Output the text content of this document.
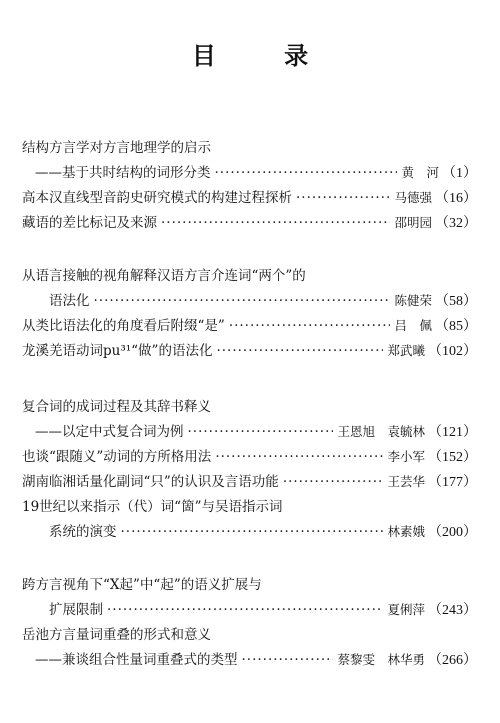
目 录
结构方言学对方言地理学的启示
——基于共时结构的词形分类 ·····	黄　河 （1）
高本汉直线型音韵史研究模式的构建过程探析 ·····	马德强 （16）
藏语的差比标记及来源 ·····	邵明园 （32）
从语言接触的视角解释汉语方言介连词“两个”的
语法化 ·····	陈健荣 （58）
从类比语法化的角度看后附缀“是” ·····	吕　佩 （85）
龙溪羌语动词pu³¹“做”的语法化 ·····	郑武曦 （102）
复合词的成词过程及其辞书释义
——以定中式复合词为例 ·····	王恩旭　袁毓林 （121）
也谈“跟随义”动词的方所格用法 ·····	李小军 （152）
湖南临湘话量化副词“只”的认识及言语功能 ·····	王芸华 （177）
19世纪以来指示（代）词“箇”与吴语指示词
系统的演变 ·····	林素娥 （200）
跨方言视角下“X起”中“起”的语义扩展与
扩展限制 ·····	夏俐萍 （243）
岳池方言量词重叠的形式和意义
——兼谈组合性量词重叠式的类型 ·····	蔡黎雯　林华勇 （266）
